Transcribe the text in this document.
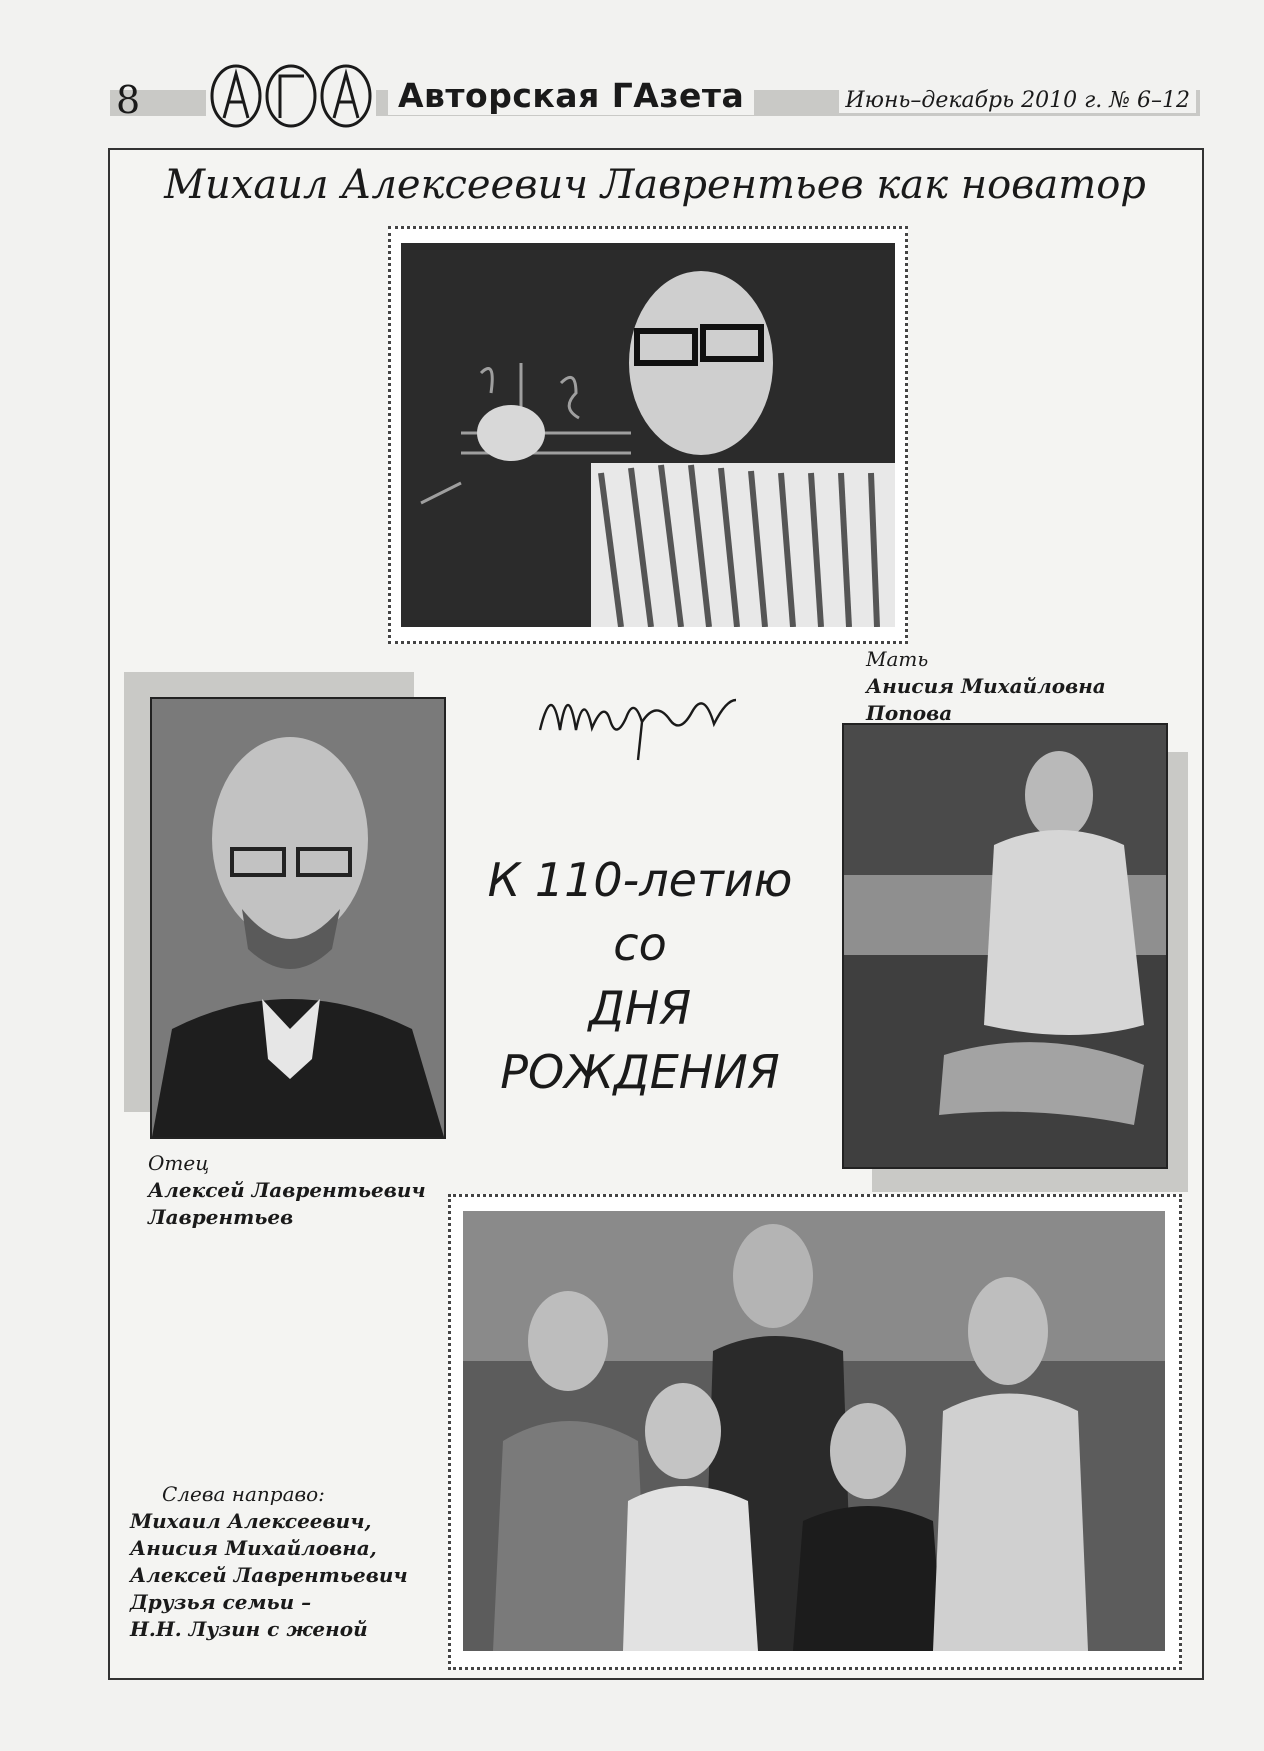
8	Авторская ГАзета	Июнь–декабрь 2010 г. № 6–12
Михаил Алексеевич Лаврентьев как новатор
Мать
Анисия Михайловна
Попова
Отец
Алексей Лаврентьевич
Лаврентьев
К 110-летию
со
ДНЯ
РОЖДЕНИЯ
Слева направо:
Михаил Алексеевич,
Анисия Михайловна,
Алексей Лаврентьевич
Друзья семьи –
Н.Н. Лузин с женой
